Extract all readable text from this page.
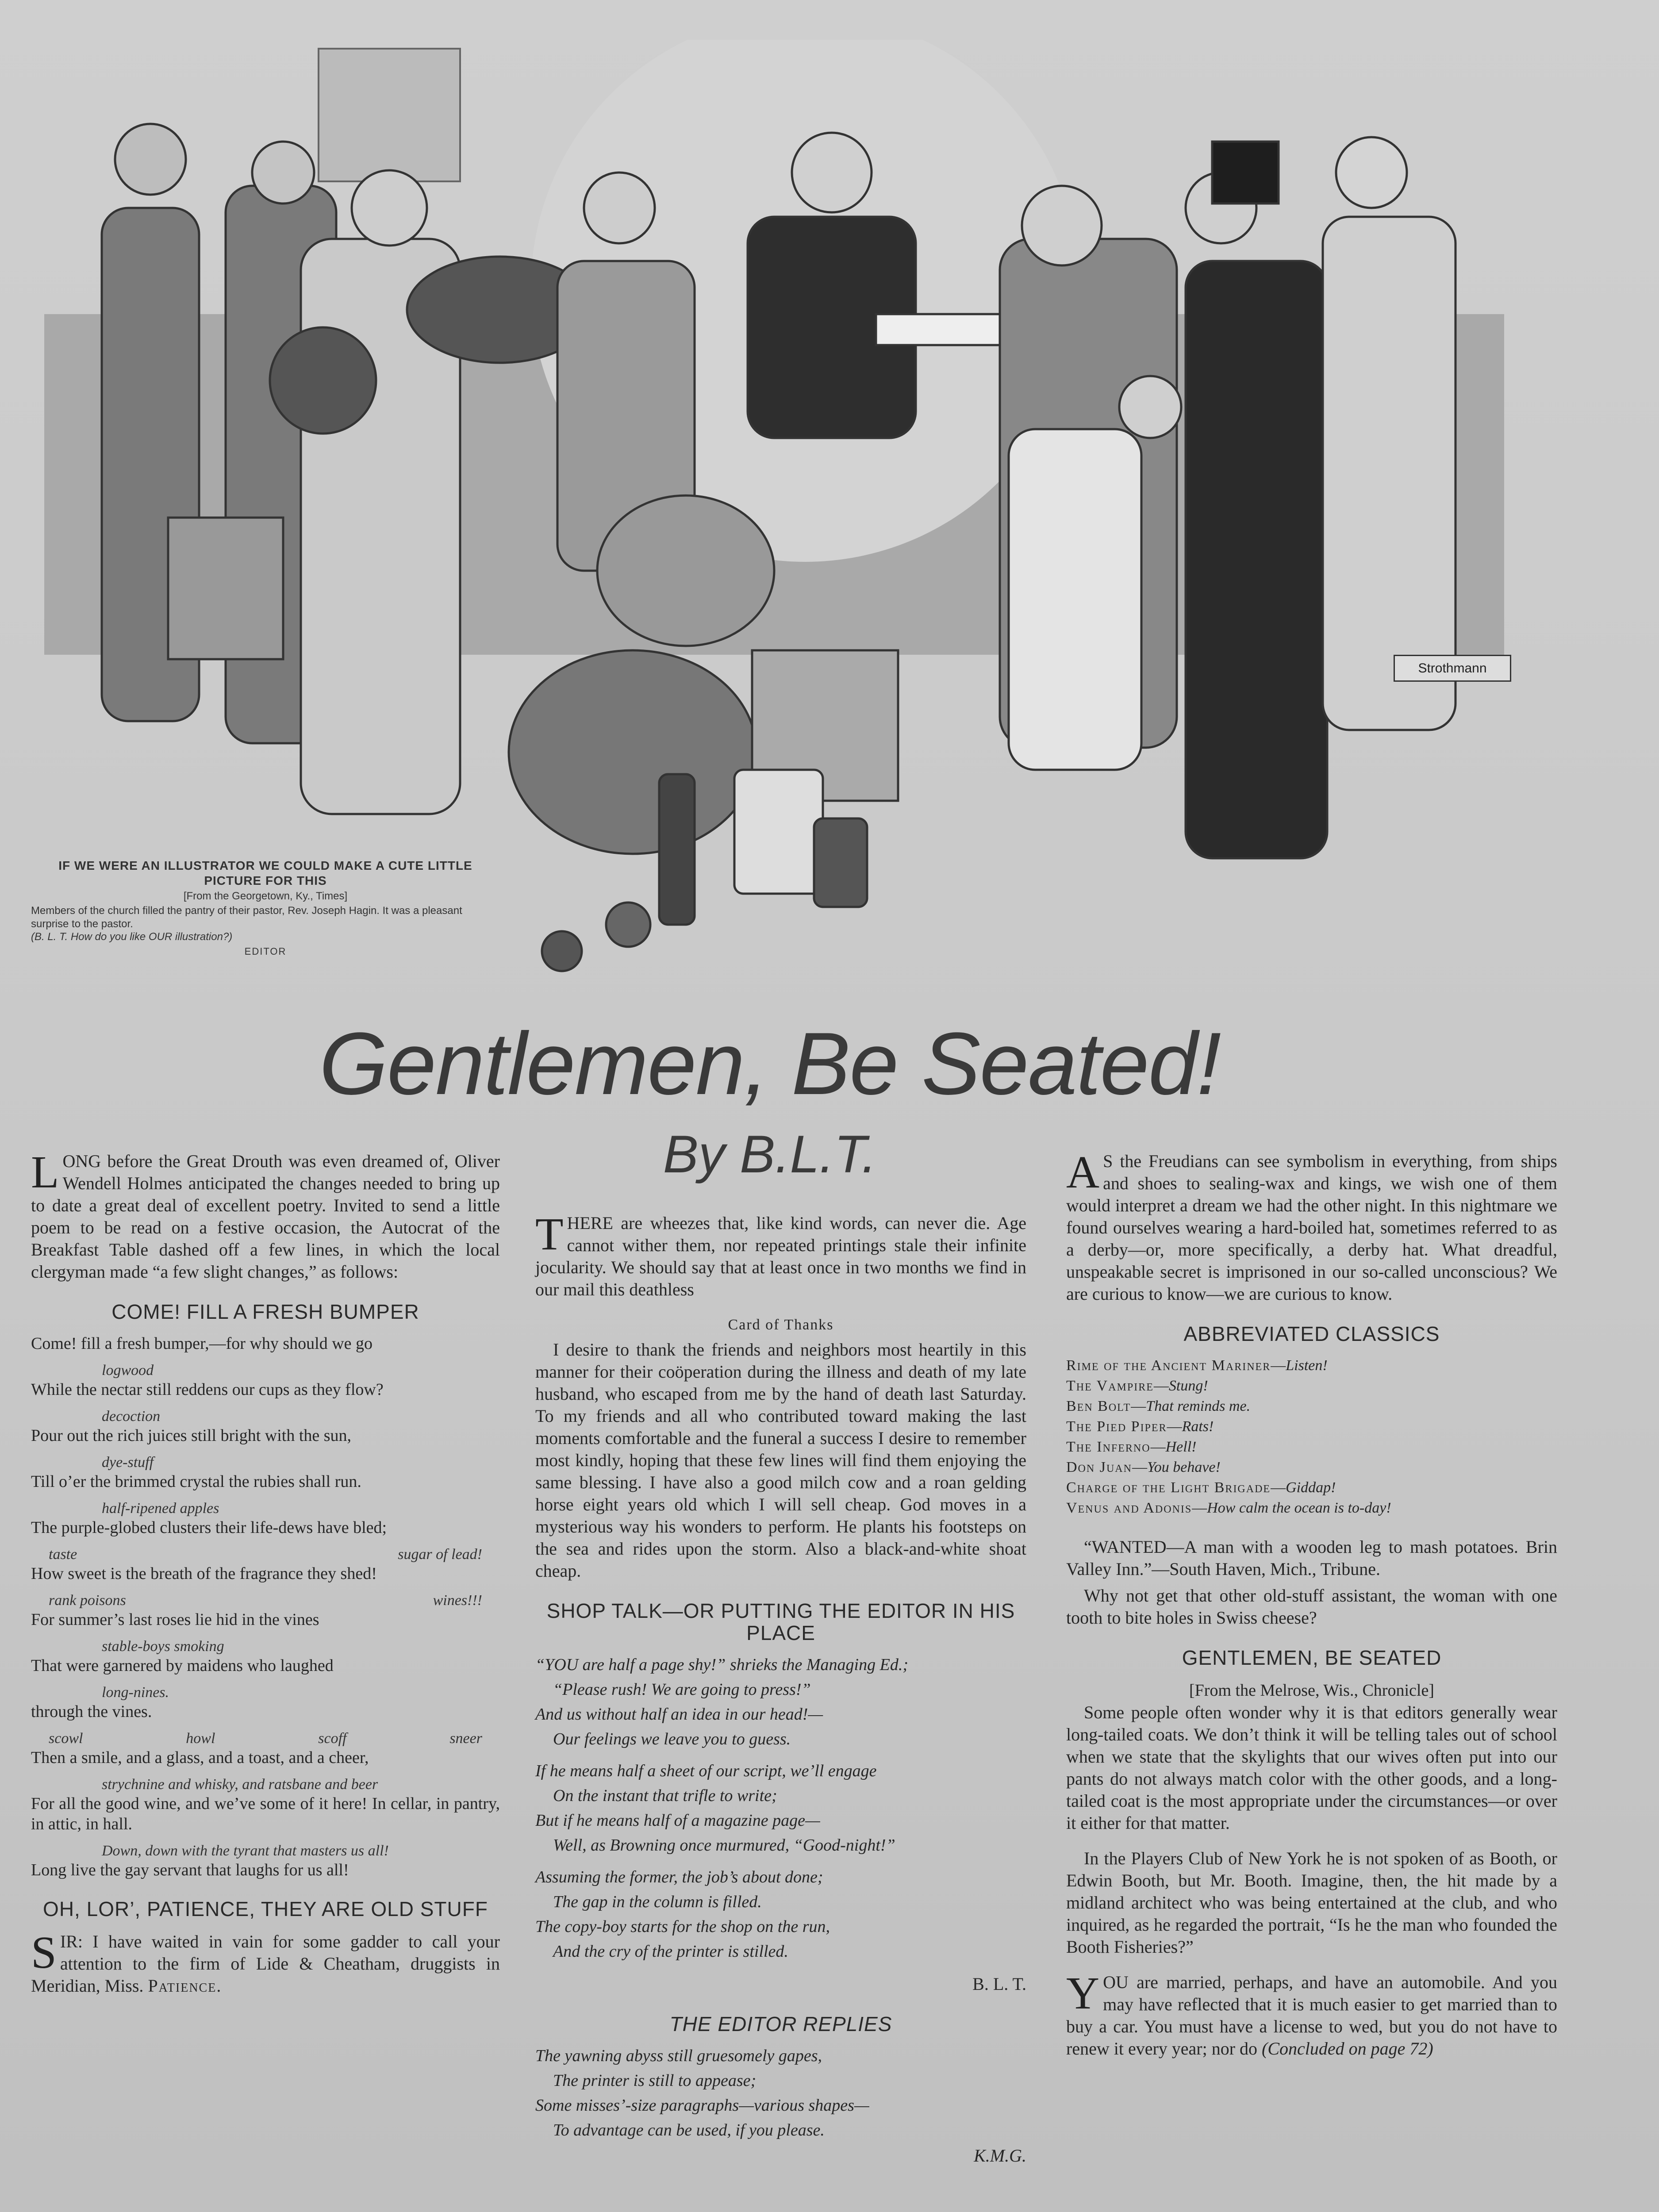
Strothmann
IF WE WERE AN ILLUSTRATOR WE COULD MAKE A CUTE LITTLE PICTURE FOR THIS
[From the Georgetown, Ky., Times]
Members of the church filled the pantry of their pastor, Rev. Joseph Hagin. It was a pleasant surprise to the pastor.
(B. L. T. How do you like OUR illustration?)
EDITOR
Gentlemen, Be Seated!
By B.L.T.

LONG before the Great Drouth was even dreamed of, Oliver Wendell Holmes anticipated the changes needed to bring up to date a great deal of excellent poetry. Invited to send a little poem to be read on a festive occasion, the Autocrat of the Breakfast Table dashed off a few lines, in which the local clergyman made “a few slight changes,” as follows:

COME! FILL A FRESH BUMPER

Come! fill a fresh bumper,—for why should we go

logwood

While the nectar still reddens our cups as they flow?

decoction

Pour out the rich juices still bright with the sun,

dye-stuff

Till o’er the brimmed crystal the rubies shall run.

half-ripened apples

The purple-globed clusters their life-dews have bled;

taste	sugar of lead!

How sweet is the breath of the fragrance they shed!

rank poisons	wines!!!

For summer’s last roses lie hid in the vines

stable-boys smoking

That were garnered by maidens who laughed

long-nines.

through the vines.

scowl	howl	scoff	sneer

Then a smile, and a glass, and a toast, and a cheer,

strychnine and whisky, and ratsbane and beer

For all the good wine, and we’ve some of it here! In cellar, in pantry, in attic, in hall.

Down, down with the tyrant that masters us all!

Long live the gay servant that laughs for us all!

OH, LOR’, PATIENCE, THEY ARE OLD STUFF

SIR: I have waited in vain for some gadder to call your attention to the firm of Lide & Cheatham, druggists in Meridian, Miss. Patience.

THERE are wheezes that, like kind words, can never die. Age cannot wither them, nor repeated printings stale their infinite jocularity. We should say that at least once in two months we find in our mail this deathless

Card of Thanks

I desire to thank the friends and neighbors most heartily in this manner for their coöperation during the illness and death of my late husband, who escaped from me by the hand of death last Saturday. To my friends and all who contributed toward making the last moments comfortable and the funeral a success I desire to remember most kindly, hoping that these few lines will find them enjoying the same blessing. I have also a good milch cow and a roan gelding horse eight years old which I will sell cheap. God moves in a mysterious way his wonders to perform. He plants his footsteps on the sea and rides upon the storm. Also a black-and-white shoat cheap.

SHOP TALK—OR PUTTING THE EDITOR IN HIS PLACE

“YOU are half a page shy!” shrieks the Managing Ed.;

“Please rush! We are going to press!”

And us without half an idea in our head!—

Our feelings we leave you to guess.

If he means half a sheet of our script, we’ll engage

On the instant that trifle to write;

But if he means half of a magazine page—

Well, as Browning once murmured, “Good-night!”

Assuming the former, the job’s about done;

The gap in the column is filled.

The copy-boy starts for the shop on the run,

And the cry of the printer is stilled.

B. L. T.
THE EDITOR REPLIES

The yawning abyss still gruesomely gapes,

The printer is still to appease;

Some misses’-size paragraphs—various shapes—

To advantage can be used, if you please.

K.M.G.

A S the Freudians can see symbolism in everything, from ships and shoes to sealing-wax and kings, we wish one of them would interpret a dream we had the other night. In this nightmare we found ourselves wearing a hard-boiled hat, sometimes referred to as a derby—or, more specifically, a derby hat. What dreadful, unspeakable secret is imprisoned in our so-called unconscious? We are curious to know—we are curious to know.

ABBREVIATED CLASSICS
Rime of the Ancient Mariner—Listen!
The Vampire—Stung!
Ben Bolt—That reminds me.
The Pied Piper—Rats!
The Inferno—Hell!
Don Juan—You behave!
Charge of the Light Brigade—Giddap!
Venus and Adonis—How calm the ocean is to-day!

“WANTED—A man with a wooden leg to mash potatoes. Brin Valley Inn.”—South Haven, Mich., Tribune.

Why not get that other old-stuff assistant, the woman with one tooth to bite holes in Swiss cheese?

GENTLEMEN, BE SEATED
[From the Melrose, Wis., Chronicle]

Some people often wonder why it is that editors generally wear long-tailed coats. We don’t think it will be telling tales out of school when we state that the skylights that our wives often put into our pants do not always match color with the other goods, and a long-tailed coat is the most appropriate under the circumstances—or over it either for that matter.

In the Players Club of New York he is not spoken of as Booth, or Edwin Booth, but Mr. Booth. Imagine, then, the hit made by a midland architect who was being entertained at the club, and who inquired, as he regarded the portrait, “Is he the man who founded the Booth Fisheries?”

YOU are married, perhaps, and have an automobile. And you may have reflected that it is much easier to get married than to buy a car. You must have a license to wed, but you do not have to renew it every year; nor do (Concluded on page 72)
